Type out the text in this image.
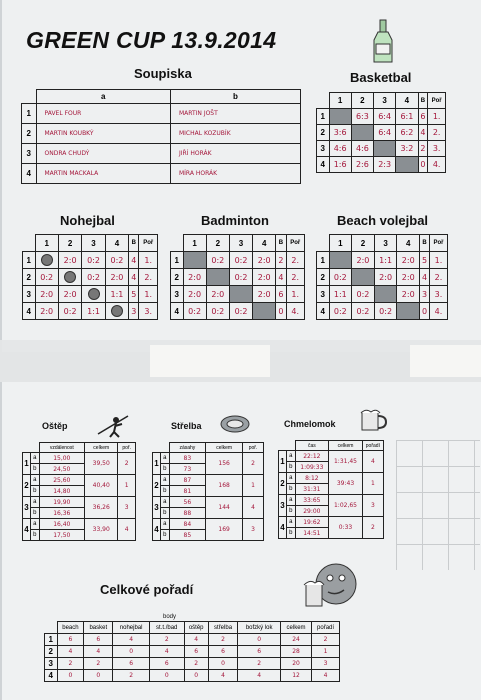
GREEN CUP 13.9.2014
Soupiska
	a	b
1	PAVEL FOUR	MARTIN JOŠT
2	MARTIN KOUBKÝ	MICHAL KOZUBÍK
3	ONDRA CHUDÝ	JIŘÍ HORÁK
4	MARTIN MACKALA	MÍRA HORÁK
Basketbal
	1	2	3	4	B	Poř
1		6:3	6:4	6:1	6	1.
2	3:6		6:4	6:2	4	2.
3	4:6	4:6		3:2	2	3.
4	1:6	2:6	2:3		0	4.
Nohejbal
	1	2	3	4	B	Poř
1		2:0	0:2	0:2	4	1.
2	0:2		0:2	2:0	4	2.
3	2:0	2:0		1:1	5	1.
4	2:0	0:2	1:1		3	3.
Badminton
	1	2	3	4	B	Poř
1		0:2	0:2	2:0	2	2.
2	2:0		0:2	2:0	4	2.
3	2:0	2:0		2:0	6	1.
4	0:2	0:2	0:2		0	4.
Beach volejbal
	1	2	3	4	B	Poř
1		2:0	1:1	2:0	5	1.
2	0:2		2:0	2:0	4	2.
3	1:1	0:2		2:0	3	3.
4	0:2	0:2	0:2		0	4.
Oštěp	Střelba	Chmelomok
		vzdálenost	celkem	poř.
1	a	15,00	39,50	2
	b	24,50		
2	a	25,60	40,40	1
	b	14,80		
3	a	19,90	36,26	3
	b	16,36		
4	a	16,40	33,90	4
	b	17,50		
		zásahy	celkem	poř.
1	a	83	156	2
	b	73		
2	a	87	168	1
	b	81		
3	a	56	144	4
	b	88		
4	a	84	169	3
	b	85		
		čas	celkem	pořadí
1	a	22:12	1:31,45	4
	b	1:09:33		
2	a	8:12	39:43	1
	b	31:31		
3	a	33:65	1:02,65	3
	b	29:00		
4	a	19:62	0:33	2
	b	14:51		
Celkové pořadí
body
	beach	basket	nohejbal	st.t./bad	oštěp	střelba	bofzký lok	celkem	pořadí
1	6	6	4	2	4	2	0	24	2
2	4	4	0	4	6	6	6	28	1
3	2	2	6	6	2	0	2	20	3
4	0	0	2	0	0	4	4	12	4
